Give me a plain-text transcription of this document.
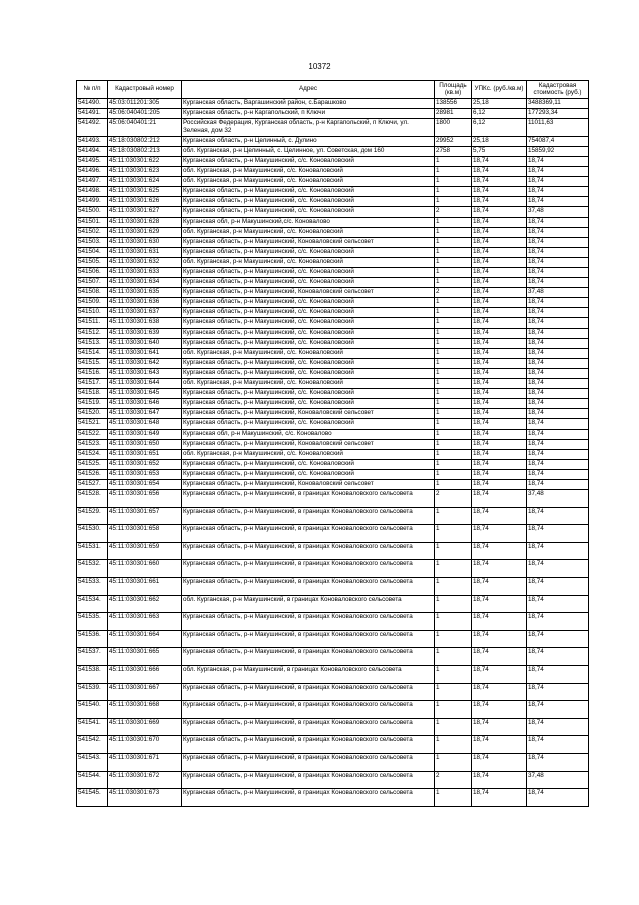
10372
№ п/п	Кадастровый номер	Адрес	Площадь (кв.м)	УПКс. (руб./кв.м)	Кадастровая стоимость (руб.)
541490.	45:03:011201:305	Курганская область, Варгашинский район, с.Барашково	138556	25,18	3488369,11
541491.	45:06:040401:205	Курганская область, р-н Каргапольский, п Ключи	28981	6,12	177293,34
541492.	45:06:040401:21	Российская Федерация, Курганская область, р-н Каргапольский, п Ключи, ул. Зеленая, дом 32	1800	6,12	11011,63
541493.	45:18:030802:212	Курганская область, р-н Целинный, с. Дулино	29952	25,18	754087,4
541494.	45:18:030802:213	обл. Курганская, р-н Целинный, с. Целинное, ул. Советская, дом 160	2758	5,75	15859,92
541495.	45:11:030301:622	Курганская область, р-н Макушинский, с/с. Коноваловский	1	18,74	18,74
541496.	45:11:030301:623	обл. Курганская, р-н Макушинский, с/с. Коноваловский	1	18,74	18,74
541497.	45:11:030301:624	обл. Курганская, р-н Макушинский, с/с. Коноваловский	1	18,74	18,74
541498.	45:11:030301:625	Курганская область, р-н Макушинский, с/с. Коноваловский	1	18,74	18,74
541499.	45:11:030301:626	Курганская область, р-н Макушинский, с/с. Коноваловский	1	18,74	18,74
541500.	45:11:030301:627	Курганская область, р-н Макушинский, с/с. Коноваловский	2	18,74	37,48
541501.	45:11:030301:628	Курганская обл, р-н Макушинский,с/с. Коновалово	1	18,74	18,74
541502.	45:11:030301:629	обл. Курганская, р-н Макушинский, с/с. Коноваловский	1	18,74	18,74
541503.	45:11:030301:630	Курганская область, р-н Макушинский, Коноваловский сельсовет	1	18,74	18,74
541504.	45:11:030301:631	Курганская область, р-н Макушинский, с/с. Коноваловский	1	18,74	18,74
541505.	45:11:030301:632	обл. Курганская, р-н Макушинский, с/с. Коноваловский	1	18,74	18,74
541506.	45:11:030301:633	Курганская область, р-н Макушинский, с/с. Коноваловский	1	18,74	18,74
541507.	45:11:030301:634	Курганская область, р-н Макушинский, с/с. Коноваловский	1	18,74	18,74
541508.	45:11:030301:635	Курганская область, р-н Макушинский, Коноваловский сельсовет	2	18,74	37,48
541509.	45:11:030301:636	Курганская область, р-н Макушинский, с/с. Коноваловский	1	18,74	18,74
541510.	45:11:030301:637	Курганская область, р-н Макушинский, с/с. Коноваловский	1	18,74	18,74
541511.	45:11:030301:638	Курганская область, р-н Макушинский, с/с. Коноваловский	1	18,74	18,74
541512.	45:11:030301:639	Курганская область, р-н Макушинский, с/с. Коноваловский	1	18,74	18,74
541513.	45:11:030301:640	Курганская область, р-н Макушинский, с/с. Коноваловский	1	18,74	18,74
541514.	45:11:030301:641	обл. Курганская, р-н Макушинский, с/с. Коноваловский	1	18,74	18,74
541515.	45:11:030301:642	Курганская область, р-н Макушинский, с/с. Коноваловский	1	18,74	18,74
541516.	45:11:030301:643	Курганская область, р-н Макушинский, с/с. Коноваловский	1	18,74	18,74
541517.	45:11:030301:644	обл. Курганская, р-н Макушинский, с/с. Коноваловский	1	18,74	18,74
541518.	45:11:030301:645	Курганская область, р-н Макушинский, с/с. Коноваловский	1	18,74	18,74
541519.	45:11:030301:646	Курганская область, р-н Макушинский, с/с. Коноваловский	1	18,74	18,74
541520.	45:11:030301:647	Курганская область, р-н Макушинский, Коноваловский сельсовет	1	18,74	18,74
541521.	45:11:030301:648	Курганская область, р-н Макушинский, с/с. Коноваловский	1	18,74	18,74
541522.	45:11:030301:649	Курганская обл, р-н Макушинский, с/с. Коновалово	1	18,74	18,74
541523.	45:11:030301:650	Курганская область, р-н Макушинский, Коноваловский сельсовет	1	18,74	18,74
541524.	45:11:030301:651	обл. Курганская, р-н Макушинский, с/с. Коноваловский	1	18,74	18,74
541525.	45:11:030301:652	Курганская область, р-н Макушинский, с/с. Коноваловский	1	18,74	18,74
541526.	45:11:030301:653	Курганская область, р-н Макушинский, с/с. Коноваловский	1	18,74	18,74
541527.	45:11:030301:654	Курганская область, р-н Макушинский, Коноваловский сельсовет	1	18,74	18,74
541528.	45:11:030301:656	Курганская область, р-н Макушинский, в границах Коноваловского сельсовета	2	18,74	37,48
541529.	45:11:030301:657	Курганская область, р-н Макушинский, в границах Коноваловского сельсовета	1	18,74	18,74
541530.	45:11:030301:658	Курганская область, р-н Макушинский, в границах Коноваловского сельсовета	1	18,74	18,74
541531.	45:11:030301:659	Курганская область, р-н Макушинский, в границах Коноваловского сельсовета	1	18,74	18,74
541532.	45:11:030301:660	Курганская область, р-н Макушинский, в границах Коноваловского сельсовета	1	18,74	18,74
541533.	45:11:030301:661	Курганская область, р-н Макушинский, в границах Коноваловского сельсовета	1	18,74	18,74
541534.	45:11:030301:662	обл. Курганская, р-н Макушинский, в границах Коноваловского сельсовета	1	18,74	18,74
541535.	45:11:030301:663	Курганская область, р-н Макушинский, в границах Коноваловского сельсовета	1	18,74	18,74
541536.	45:11:030301:664	Курганская область, р-н Макушинский, в границах Коноваловского сельсовета	1	18,74	18,74
541537.	45:11:030301:665	Курганская область, р-н Макушинский, в границах Коноваловского сельсовета	1	18,74	18,74
541538.	45:11:030301:666	обл. Курганская, р-н Макушинский, в границах Коноваловского сельсовета	1	18,74	18,74
541539.	45:11:030301:667	Курганская область, р-н Макушинский, в границах Коноваловского сельсовета	1	18,74	18,74
541540.	45:11:030301:668	Курганская область, р-н Макушинский, в границах Коноваловского сельсовета	1	18,74	18,74
541541.	45:11:030301:669	Курганская область, р-н Макушинский, в границах Коноваловского сельсовета	1	18,74	18,74
541542.	45:11:030301:670	Курганская область, р-н Макушинский, в границах Коноваловского сельсовета	1	18,74	18,74
541543.	45:11:030301:671	Курганская область, р-н Макушинский, в границах Коноваловского сельсовета	1	18,74	18,74
541544.	45:11:030301:672	Курганская область, р-н Макушинский, в границах Коноваловского сельсовета	2	18,74	37,48
541545.	45:11:030301:673	Курганская область, р-н Макушинский, в границах Коноваловского сельсовета	1	18,74	18,74
